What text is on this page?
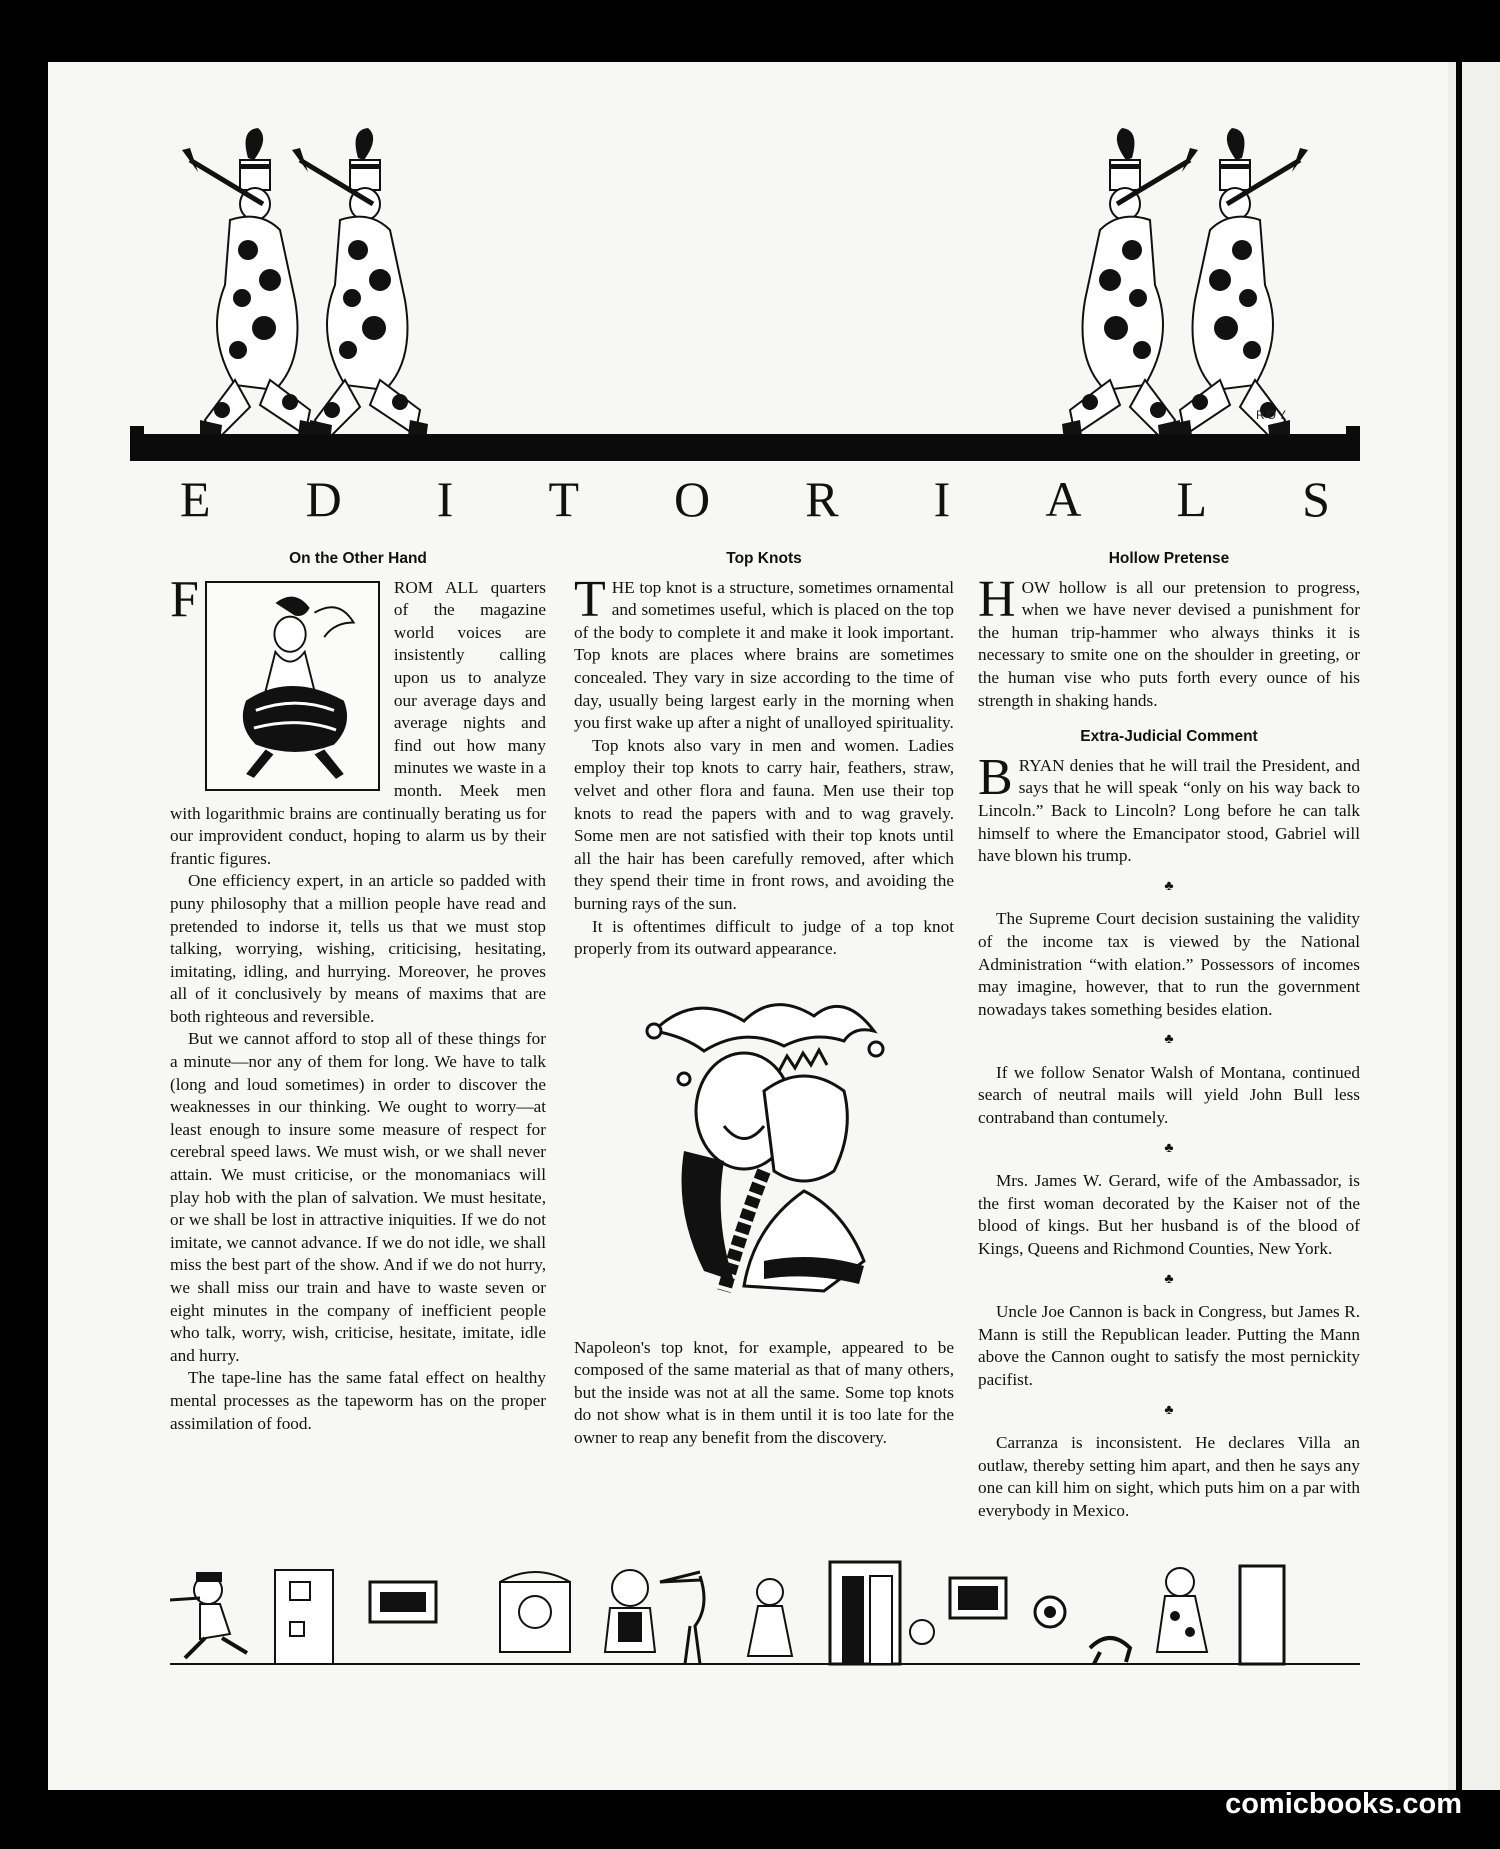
ROY
E D I T O R I A L S
On the Other Hand

F	ROM ALL quarters of the magazine world voices are insistently calling upon us to analyze our average days and average nights and find out how many minutes we waste in a month. Meek men with logarithmic brains are continually berating us for our improvident conduct, hoping to alarm us by their frantic figures.

One efficiency expert, in an article so padded with puny philosophy that a million people have read and pretended to indorse it, tells us that we must stop talking, worrying, wishing, criticising, hesitating, imitating, idling, and hurrying. Moreover, he proves all of it conclusively by means of maxims that are both righteous and reversible.

But we cannot afford to stop all of these things for a minute—nor any of them for long. We have to talk (long and loud sometimes) in order to discover the weaknesses in our thinking. We ought to worry—at least enough to insure some measure of respect for cerebral speed laws. We must wish, or we shall never attain. We must criticise, or the monomaniacs will play hob with the plan of salvation. We must hesitate, or we shall be lost in attractive iniquities. If we do not imitate, we cannot advance. If we do not idle, we shall miss the best part of the show. And if we do not hurry, we shall miss our train and have to waste seven or eight minutes in the company of inefficient people who talk, worry, wish, criticise, hesitate, imitate, idle and hurry.

The tape-line has the same fatal effect on healthy mental processes as the tapeworm has on the proper assimilation of food.

Top Knots

THE top knot is a structure, sometimes ornamental and sometimes useful, which is placed on the top of the body to complete it and make it look important. Top knots are places where brains are sometimes concealed. They vary in size according to the time of day, usually being largest early in the morning when you first wake up after a night of unalloyed spirituality.

Top knots also vary in men and women. Ladies employ their top knots to carry hair, feathers, straw, velvet and other flora and fauna. Men use their top knots to read the papers with and to wag gravely. Some men are not satisfied with their top knots until all the hair has been carefully removed, after which they spend their time in front rows, and avoiding the burning rays of the sun.

It is oftentimes difficult to judge of a top knot properly from its outward appearance.

Napoleon's top knot, for example, appeared to be composed of the same material as that of many others, but the inside was not at all the same. Some top knots do not show what is in them until it is too late for the owner to reap any benefit from the discovery.

Hollow Pretense

HOW hollow is all our pretension to progress, when we have never devised a punishment for the human trip-hammer who always thinks it is necessary to smite one on the shoulder in greeting, or the human vise who puts forth every ounce of his strength in shaking hands.

Extra-Judicial Comment

BRYAN denies that he will trail the President, and says that he will speak “only on his way back to Lincoln.” Back to Lincoln? Long before he can talk himself to where the Emancipator stood, Gabriel will have blown his trump.

♣

The Supreme Court decision sustaining the validity of the income tax is viewed by the National Administration “with elation.” Possessors of incomes may imagine, however, that to run the government nowadays takes something besides elation.

♣

If we follow Senator Walsh of Montana, continued search of neutral mails will yield John Bull less contraband than contumely.

♣

Mrs. James W. Gerard, wife of the Ambassador, is the first woman decorated by the Kaiser not of the blood of kings. But her husband is of the blood of Kings, Queens and Richmond Counties, New York.

♣

Uncle Joe Cannon is back in Congress, but James R. Mann is still the Republican leader. Putting the Mann above the Cannon ought to satisfy the most pernickity pacifist.

♣

Carranza is inconsistent. He declares Villa an outlaw, thereby setting him apart, and then he says any one can kill him on sight, which puts him on a par with everybody in Mexico.

comicbooks.com
